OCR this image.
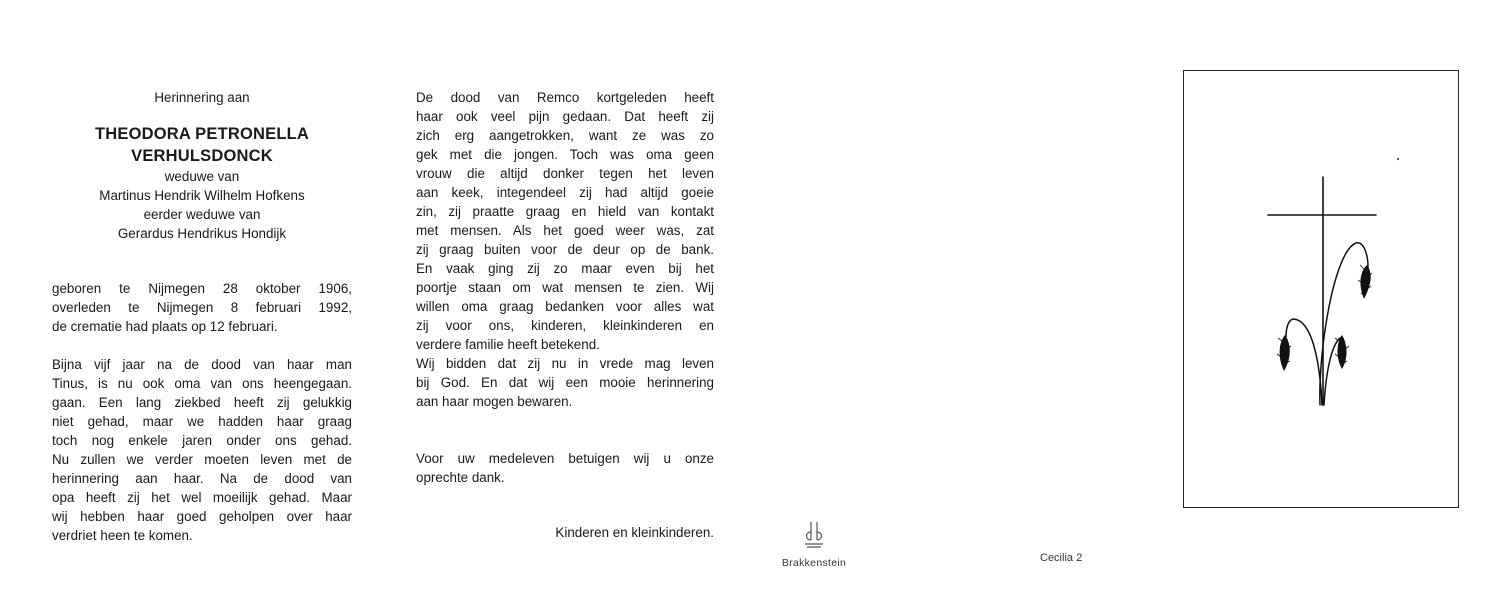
Herinnering aan
THEODORA PETRONELLA
VERHULSDONCK
weduwe van
Martinus Hendrik Wilhelm Hofkens
eerder weduwe van
Gerardus Hendrikus Hondijk
geboren te Nijmegen 28 oktober 1906,
overleden te Nijmegen 8 februari 1992,
de crematie had plaats op 12 februari.
Bijna vijf jaar na de dood van haar man
Tinus, is nu ook oma van ons heengegaan.
gaan. Een lang ziekbed heeft zij gelukkig
niet gehad, maar we hadden haar graag
toch nog enkele jaren onder ons gehad.
Nu zullen we verder moeten leven met de
herinnering aan haar. Na de dood van
opa heeft zij het wel moeilijk gehad. Maar
wij hebben haar goed geholpen over haar
verdriet heen te komen.
De dood van Remco kortgeleden heeft
haar ook veel pijn gedaan. Dat heeft zij
zich erg aangetrokken, want ze was zo
gek met die jongen. Toch was oma geen
vrouw die altijd donker tegen het leven
aan keek, integendeel zij had altijd goeie
zin, zij praatte graag en hield van kontakt
met mensen. Als het goed weer was, zat
zij graag buiten voor de deur op de bank.
En vaak ging zij zo maar even bij het
poortje staan om wat mensen te zien. Wij
willen oma graag bedanken voor alles wat
zij voor ons, kinderen, kleinkinderen en
verdere familie heeft betekend.
Wij bidden dat zij nu in vrede mag leven
bij God. En dat wij een mooie herinnering
aan haar mogen bewaren.
Voor uw medeleven betuigen wij u onze
oprechte dank.
Kinderen en kleinkinderen.
Brakkenstein	Cecilia 2
